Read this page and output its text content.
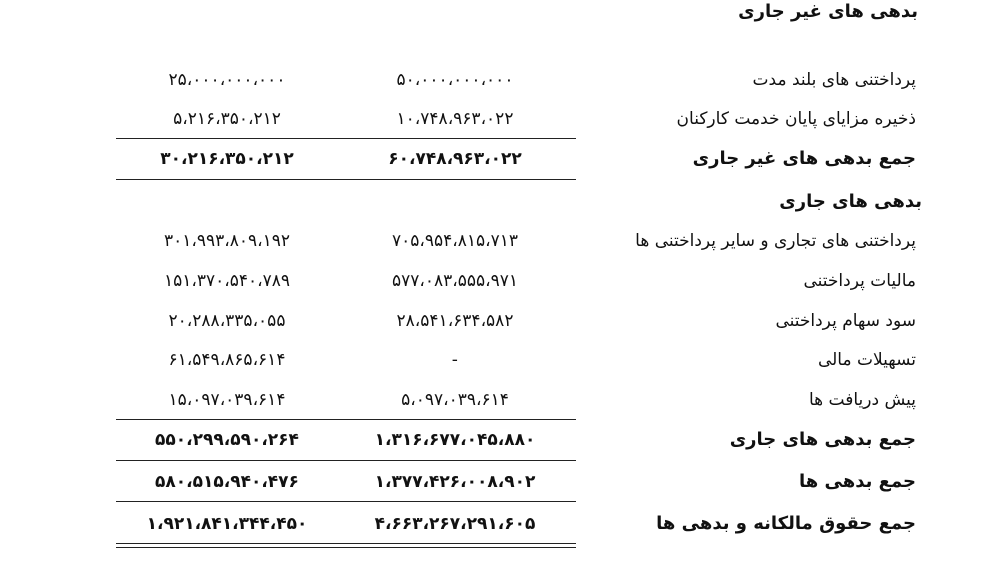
بدهی های غیر جاری
پرداختنی های بلند مدت
۵۰،۰۰۰،۰۰۰،۰۰۰
۲۵،۰۰۰،۰۰۰،۰۰۰
ذخیره مزایای پایان خدمت کارکنان
۱۰،۷۴۸،۹۶۳،۰۲۲
۵،۲۱۶،۳۵۰،۲۱۲
جمع بدهی های غیر جاری
۶۰،۷۴۸،۹۶۳،۰۲۲
۳۰،۲۱۶،۳۵۰،۲۱۲
بدهی های جاری
پرداختنی های تجاری و سایر پرداختنی ها
۷۰۵،۹۵۴،۸۱۵،۷۱۳
۳۰۱،۹۹۳،۸۰۹،۱۹۲
مالیات پرداختنی
۵۷۷،۰۸۳،۵۵۵،۹۷۱
۱۵۱،۳۷۰،۵۴۰،۷۸۹
سود سهام پرداختنی
۲۸،۵۴۱،۶۳۴،۵۸۲
۲۰،۲۸۸،۳۳۵،۰۵۵
تسهیلات مالی
-
۶۱،۵۴۹،۸۶۵،۶۱۴
پیش دریافت ها
۵،۰۹۷،۰۳۹،۶۱۴
۱۵،۰۹۷،۰۳۹،۶۱۴
جمع بدهی های جاری
۱،۳۱۶،۶۷۷،۰۴۵،۸۸۰
۵۵۰،۲۹۹،۵۹۰،۲۶۴
جمع بدهی ها
۱،۳۷۷،۴۲۶،۰۰۸،۹۰۲
۵۸۰،۵۱۵،۹۴۰،۴۷۶
جمع حقوق مالکانه و بدهی ها
۴،۶۶۳،۲۶۷،۲۹۱،۶۰۵
۱،۹۲۱،۸۴۱،۳۴۴،۴۵۰
